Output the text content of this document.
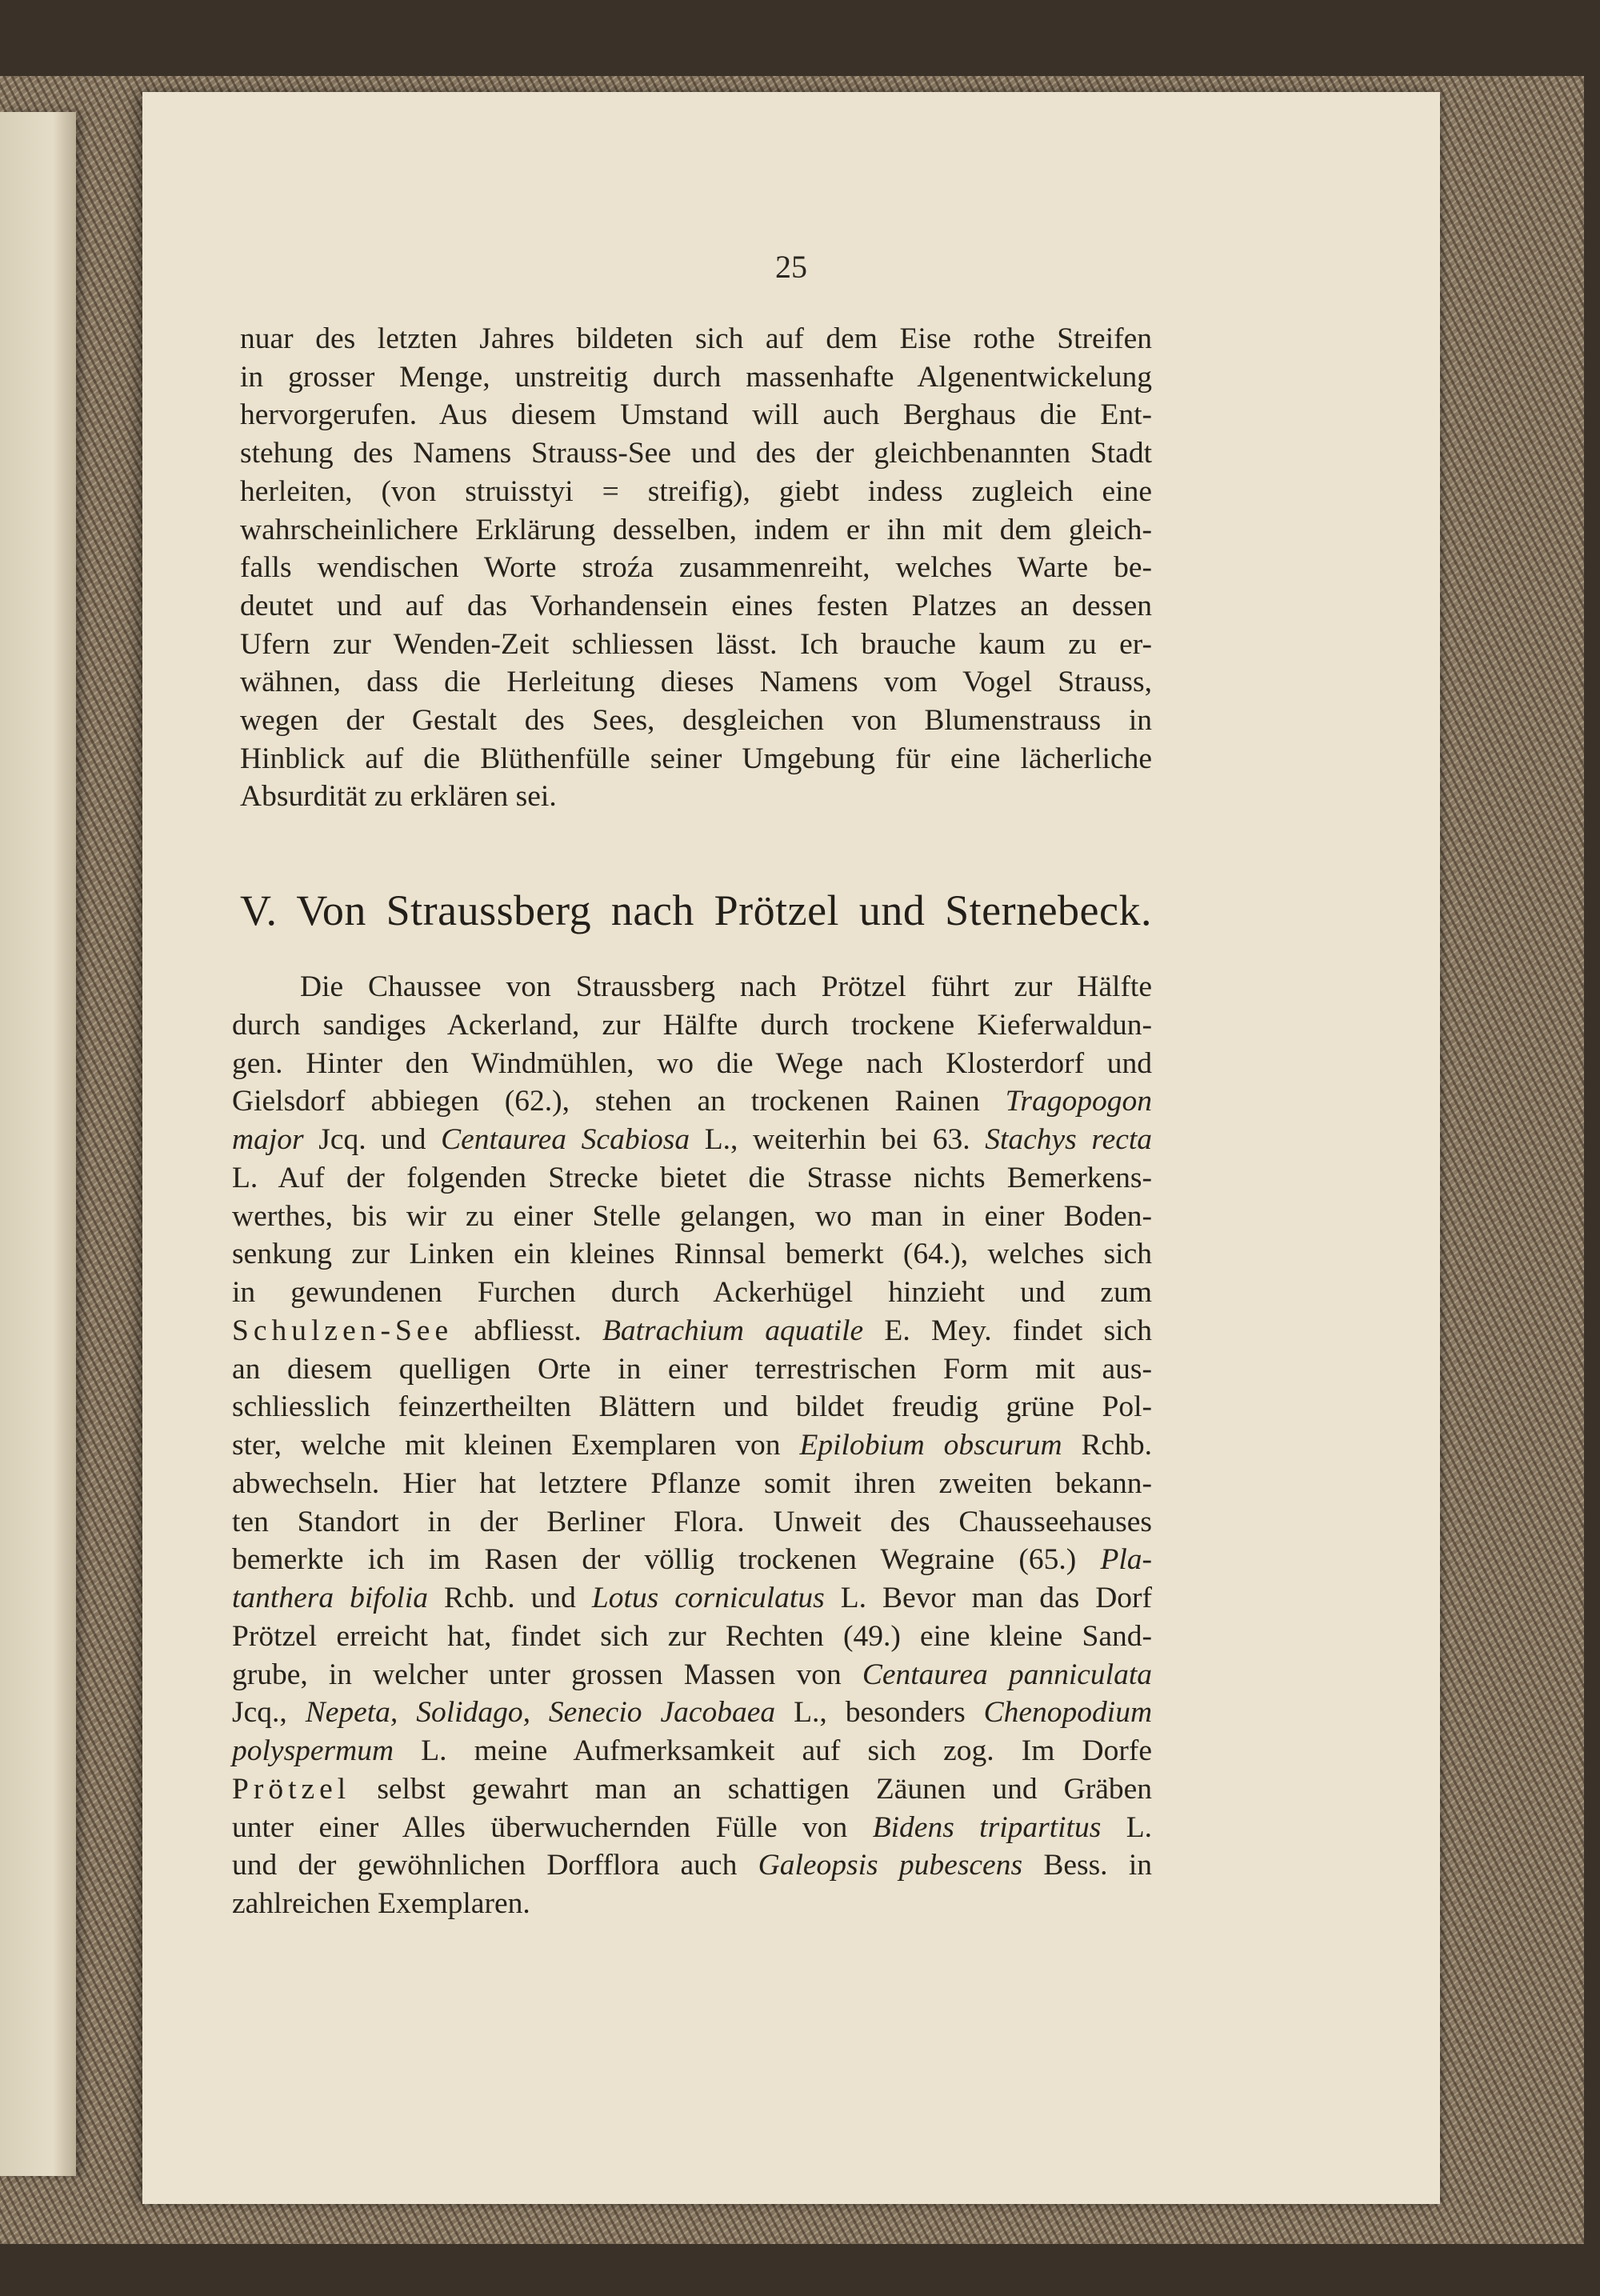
25

nuar des letzten Jahres bildeten sich auf dem Eise rothe Streifen
in grosser Menge, unstreitig durch massenhafte Algenentwickelung
hervorgerufen. Aus diesem Umstand will auch Berghaus die Ent-
stehung des Namens Strauss-See und des der gleichbenannten Stadt
herleiten, (von struisstyi = streifig), giebt indess zugleich eine
wahrscheinlichere Erklärung desselben, indem er ihn mit dem gleich-
falls wendischen Worte stroźa zusammenreiht, welches Warte be-
deutet und auf das Vorhandensein eines festen Platzes an dessen
Ufern zur Wenden-Zeit schliessen lässt. Ich brauche kaum zu er-
wähnen, dass die Herleitung dieses Namens vom Vogel Strauss,
wegen der Gestalt des Sees, desgleichen von Blumenstrauss in
Hinblick auf die Blüthenfülle seiner Umgebung für eine lächerliche
Absurdität zu erklären sei.

V. Von Straussberg nach Prötzel und Sternebeck.
Die Chaussee von Straussberg nach Prötzel führt zur Hälfte
durch sandiges Ackerland, zur Hälfte durch trockene Kieferwaldun-
gen. Hinter den Windmühlen, wo die Wege nach Klosterdorf und
Gielsdorf abbiegen (62.), stehen an trockenen Rainen Tragopogon
major Jcq. und Centaurea Scabiosa L., weiterhin bei 63. Stachys recta
L. Auf der folgenden Strecke bietet die Strasse nichts Bemerkens-
werthes, bis wir zu einer Stelle gelangen, wo man in einer Boden-
senkung zur Linken ein kleines Rinnsal bemerkt (64.), welches sich
in gewundenen Furchen durch Ackerhügel hinzieht und zum
Schulzen-See abfliesst. Batrachium aquatile E. Mey. findet sich
an diesem quelligen Orte in einer terrestrischen Form mit aus-
schliesslich feinzertheilten Blättern und bildet freudig grüne Pol-
ster, welche mit kleinen Exemplaren von Epilobium obscurum Rchb.
abwechseln. Hier hat letztere Pflanze somit ihren zweiten bekann-
ten Standort in der Berliner Flora. Unweit des Chausseehauses
bemerkte ich im Rasen der völlig trockenen Wegraine (65.) Pla-
tanthera bifolia Rchb. und Lotus corniculatus L. Bevor man das Dorf
Prötzel erreicht hat, findet sich zur Rechten (49.) eine kleine Sand-
grube, in welcher unter grossen Massen von Centaurea panniculata
Jcq., Nepeta, Solidago, Senecio Jacobaea L., besonders Chenopodium
polyspermum L. meine Aufmerksamkeit auf sich zog. Im Dorfe
Prötzel selbst gewahrt man an schattigen Zäunen und Gräben
unter einer Alles überwuchernden Fülle von Bidens tripartitus L.
und der gewöhnlichen Dorfflora auch Galeopsis pubescens Bess. in
zahlreichen Exemplaren.
